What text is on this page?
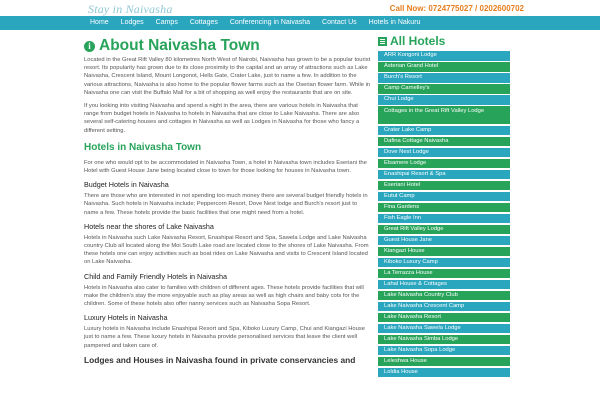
Stay in Naivasha	Call Now: 0724775027 / 0202600702
Home	Lodges	Camps	Cottages	Conferencing in Naivasha	Contact Us	Hotels in Nakuru
i About Naivasha Town

Located in the Great Rift Valley 80 kilometres North West of Nairobi, Naivasha has grown to be a popular tourist resort. Its popularity has grown due to its close proximity to the capital and an array of attractions such as Lake Naivasha, Crescent Island, Mount Longonot, Hells Gate, Crater Lake, just to name a few. In addition to the various attractions, Naivasha is also home to the popular flower farms such as the Oserian flower farm. While in Naivasha one can visit the Buffalo Mall for a bit of shopping as well enjoy the restaurants that are on site.

If you looking into visiting Naivasha and spend a night in the area, there are various hotels in Naivasha that range from budget hotels in Naivasha to hotels in Naivasha that are close to Lake Naivasha. There are also several self-catering houses and cottages in Naivasha as well as Lodges in Naivasha for those who fancy a different setting.

Hotels in Naivasha Town

For one who would opt to be accommodated in Naivasha Town, a hotel in Naivasha town includes Eseriani the Hotel with Guest House Jane being located close to town for those looking for houses in Naivasha town.

Budget Hotels in Naivasha

There are those who are interested in not spending too much money there are several budget friendly hotels in Naivasha. Such hotels in Naivasha include; Peppercorn Resort, Dove Nest lodge and Burch's resort just to name a few. These hotels provide the basic facilities that one might need from a hotel.

Hotels near the shores of Lake Naivasha

Hotels in Naivasha such Lake Naivasha Resort, Enashipai Resort and Spa, Sawela Lodge and Lake Naivasha country Club all located along the Moi South Lake road are located close to the shores of Lake Naivasha. From these hotels one can enjoy activities such as boat rides on Lake Naivasha and visits to Crescent Island located on Lake Naivasha.

Child and Family Friendly Hotels in Naivasha

Hotels in Naivasha also cater to families with children of different ages. These hotels provide facilities that will make the children's stay the more enjoyable such as play areas as well as high chairs and baby cots for the children. Some of these hotels also offer nanny services such as Naivasha Sopa Resort.

Luxury Hotels in Naivasha

Luxury hotels in Naivasha include Enashipai Resort and Spa, Kiboko Luxury Camp, Chui and Kiangazi House just to name a few. These luxury hotels in Naivasha provide personalised services that leave the client well pampered and taken care of.

Lodges and Houses in Naivasha found in private conservancies and
All Hotels
ARR Kongoni Lodge
Asterian Grand Hotel
Burch's Resort
Camp Carnelley's
Chui Lodge
Cottages in the Great Rift Valley Lodge
Crater Lake Camp
Dafina Cottage Naivasha
Dove Nest Lodge
Elsamere Lodge
Enashipai Resort & Spa
Eseriani Hotel
Eutut Camp
Fina Gardens
Fish Eagle Inn
Great Rift Valley Lodge
Guest House Jane
Kiangazi House
Kiboko Luxury Camp
La Terrazza House
Lahal House & Cottages
Lake Naivasha Country Club
Lake Naivasha Crescent Camp
Lake Naivasha Resort
Lake Naivasha Sawela Lodge
Lake Naivasha Simba Lodge
Lake Naivasha Sopa Lodge
Leleshwa House
Loldia House
